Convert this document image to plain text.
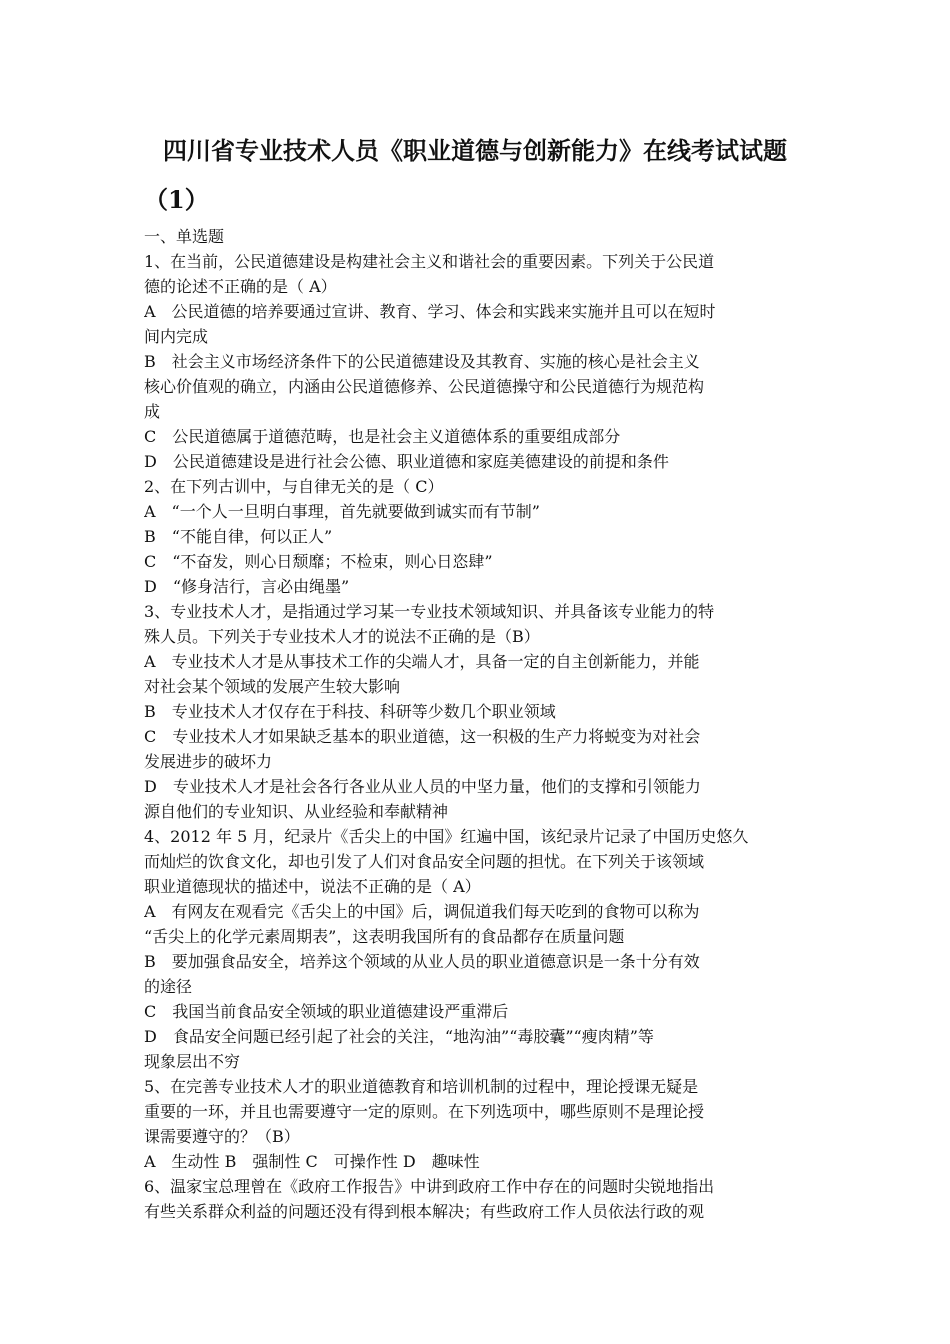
四川省专业技术人员《职业道德与创新能力》在线考试试题
（1）
一、单选题
1、在当前，公民道德建设是构建社会主义和谐社会的重要因素。下列关于公民道
德的论述不正确的是（ A）
A　公民道德的培养要通过宣讲、教育、学习、体会和实践来实施并且可以在短时
间内完成
B　社会主义市场经济条件下的公民道德建设及其教育、实施的核心是社会主义
核心价值观的确立，内涵由公民道德修养、公民道德操守和公民道德行为规范构
成
C　公民道德属于道德范畴，也是社会主义道德体系的重要组成部分
D　公民道德建设是进行社会公德、职业道德和家庭美德建设的前提和条件
2、在下列古训中，与自律无关的是（ C）
A　“一个人一旦明白事理，首先就要做到诚实而有节制”
B　“不能自律，何以正人”
C　“不奋发，则心日颓靡；不检束，则心日恣肆”
D　“修身洁行，言必由绳墨”
3、专业技术人才，是指通过学习某一专业技术领域知识、并具备该专业能力的特
殊人员。下列关于专业技术人才的说法不正确的是（B）
A　专业技术人才是从事技术工作的尖端人才，具备一定的自主创新能力，并能
对社会某个领域的发展产生较大影响
B　专业技术人才仅存在于科技、科研等少数几个职业领域
C　专业技术人才如果缺乏基本的职业道德，这一积极的生产力将蜕变为对社会
发展进步的破坏力
D　专业技术人才是社会各行各业从业人员的中坚力量，他们的支撑和引领能力
源自他们的专业知识、从业经验和奉献精神
4、2012 年 5 月，纪录片《舌尖上的中国》红遍中国，该纪录片记录了中国历史悠久
而灿烂的饮食文化，却也引发了人们对食品安全问题的担忧。在下列关于该领域
职业道德现状的描述中，说法不正确的是（ A）
A　有网友在观看完《舌尖上的中国》后，调侃道我们每天吃到的食物可以称为
“舌尖上的化学元素周期表”，这表明我国所有的食品都存在质量问题
B　要加强食品安全，培养这个领域的从业人员的职业道德意识是一条十分有效
的途径
C　我国当前食品安全领域的职业道德建设严重滞后
D　食品安全问题已经引起了社会的关注，“地沟油”“毒胶囊”“瘦肉精”等
现象层出不穷
5、在完善专业技术人才的职业道德教育和培训机制的过程中，理论授课无疑是
重要的一环，并且也需要遵守一定的原则。在下列选项中，哪些原则不是理论授
课需要遵守的？（B）
A　生动性 B　强制性 C　可操作性 D　趣味性
6、温家宝总理曾在《政府工作报告》中讲到政府工作中存在的问题时尖锐地指出
有些关系群众利益的问题还没有得到根本解决；有些政府工作人员依法行政的观
